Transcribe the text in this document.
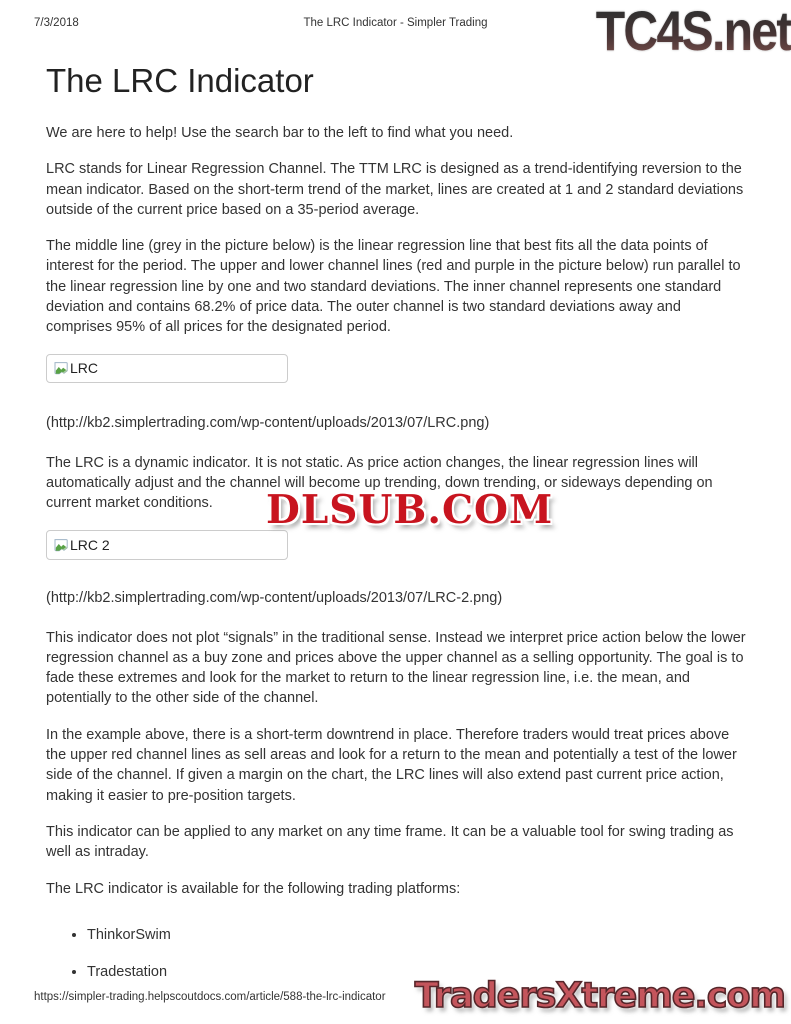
7/3/2018	The LRC Indicator - Simpler Trading	TC4S.net
The LRC Indicator

We are here to help! Use the search bar to the left to find what you need.

LRC stands for Linear Regression Channel. The TTM LRC is designed as a trend-identifying reversion to the mean indicator. Based on the short-term trend of the market, lines are created at 1 and 2 standard deviations outside of the current price based on a 35-period average.

The middle line (grey in the picture below) is the linear regression line that best fits all the data points of interest for the period. The upper and lower channel lines (red and purple in the picture below) run parallel to the linear regression line by one and two standard deviations. The inner channel represents one standard deviation and contains 68.2% of price data. The outer channel is two standard deviations away and comprises 95% of all prices for the designated period.

LRC

(http://kb2.simplertrading.com/wp-content/uploads/2013/07/LRC.png)

The LRC is a dynamic indicator. It is not static. As price action changes, the linear regression lines will automatically adjust and the channel will become up trending, down trending, or sideways depending on current market conditions.

LRC 2

(http://kb2.simplertrading.com/wp-content/uploads/2013/07/LRC-2.png)

This indicator does not plot “signals” in the traditional sense. Instead we interpret price action below the lower regression channel as a buy zone and prices above the upper channel as a selling opportunity. The goal is to fade these extremes and look for the market to return to the linear regression line, i.e. the mean, and potentially to the other side of the channel.

In the example above, there is a short-term downtrend in place. Therefore traders would treat prices above the upper red channel lines as sell areas and look for a return to the mean and potentially a test of the lower side of the channel. If given a margin on the chart, the LRC lines will also extend past current price action, making it easier to pre-position targets.

This indicator can be applied to any market on any time frame. It can be a valuable tool for swing trading as well as intraday.

The LRC indicator is available for the following trading platforms:

• ThinkorSwim
• Tradestation
DLSUB.COM
https://simpler-trading.helpscoutdocs.com/article/588-the-lrc-indicator TradersXtreme.com
